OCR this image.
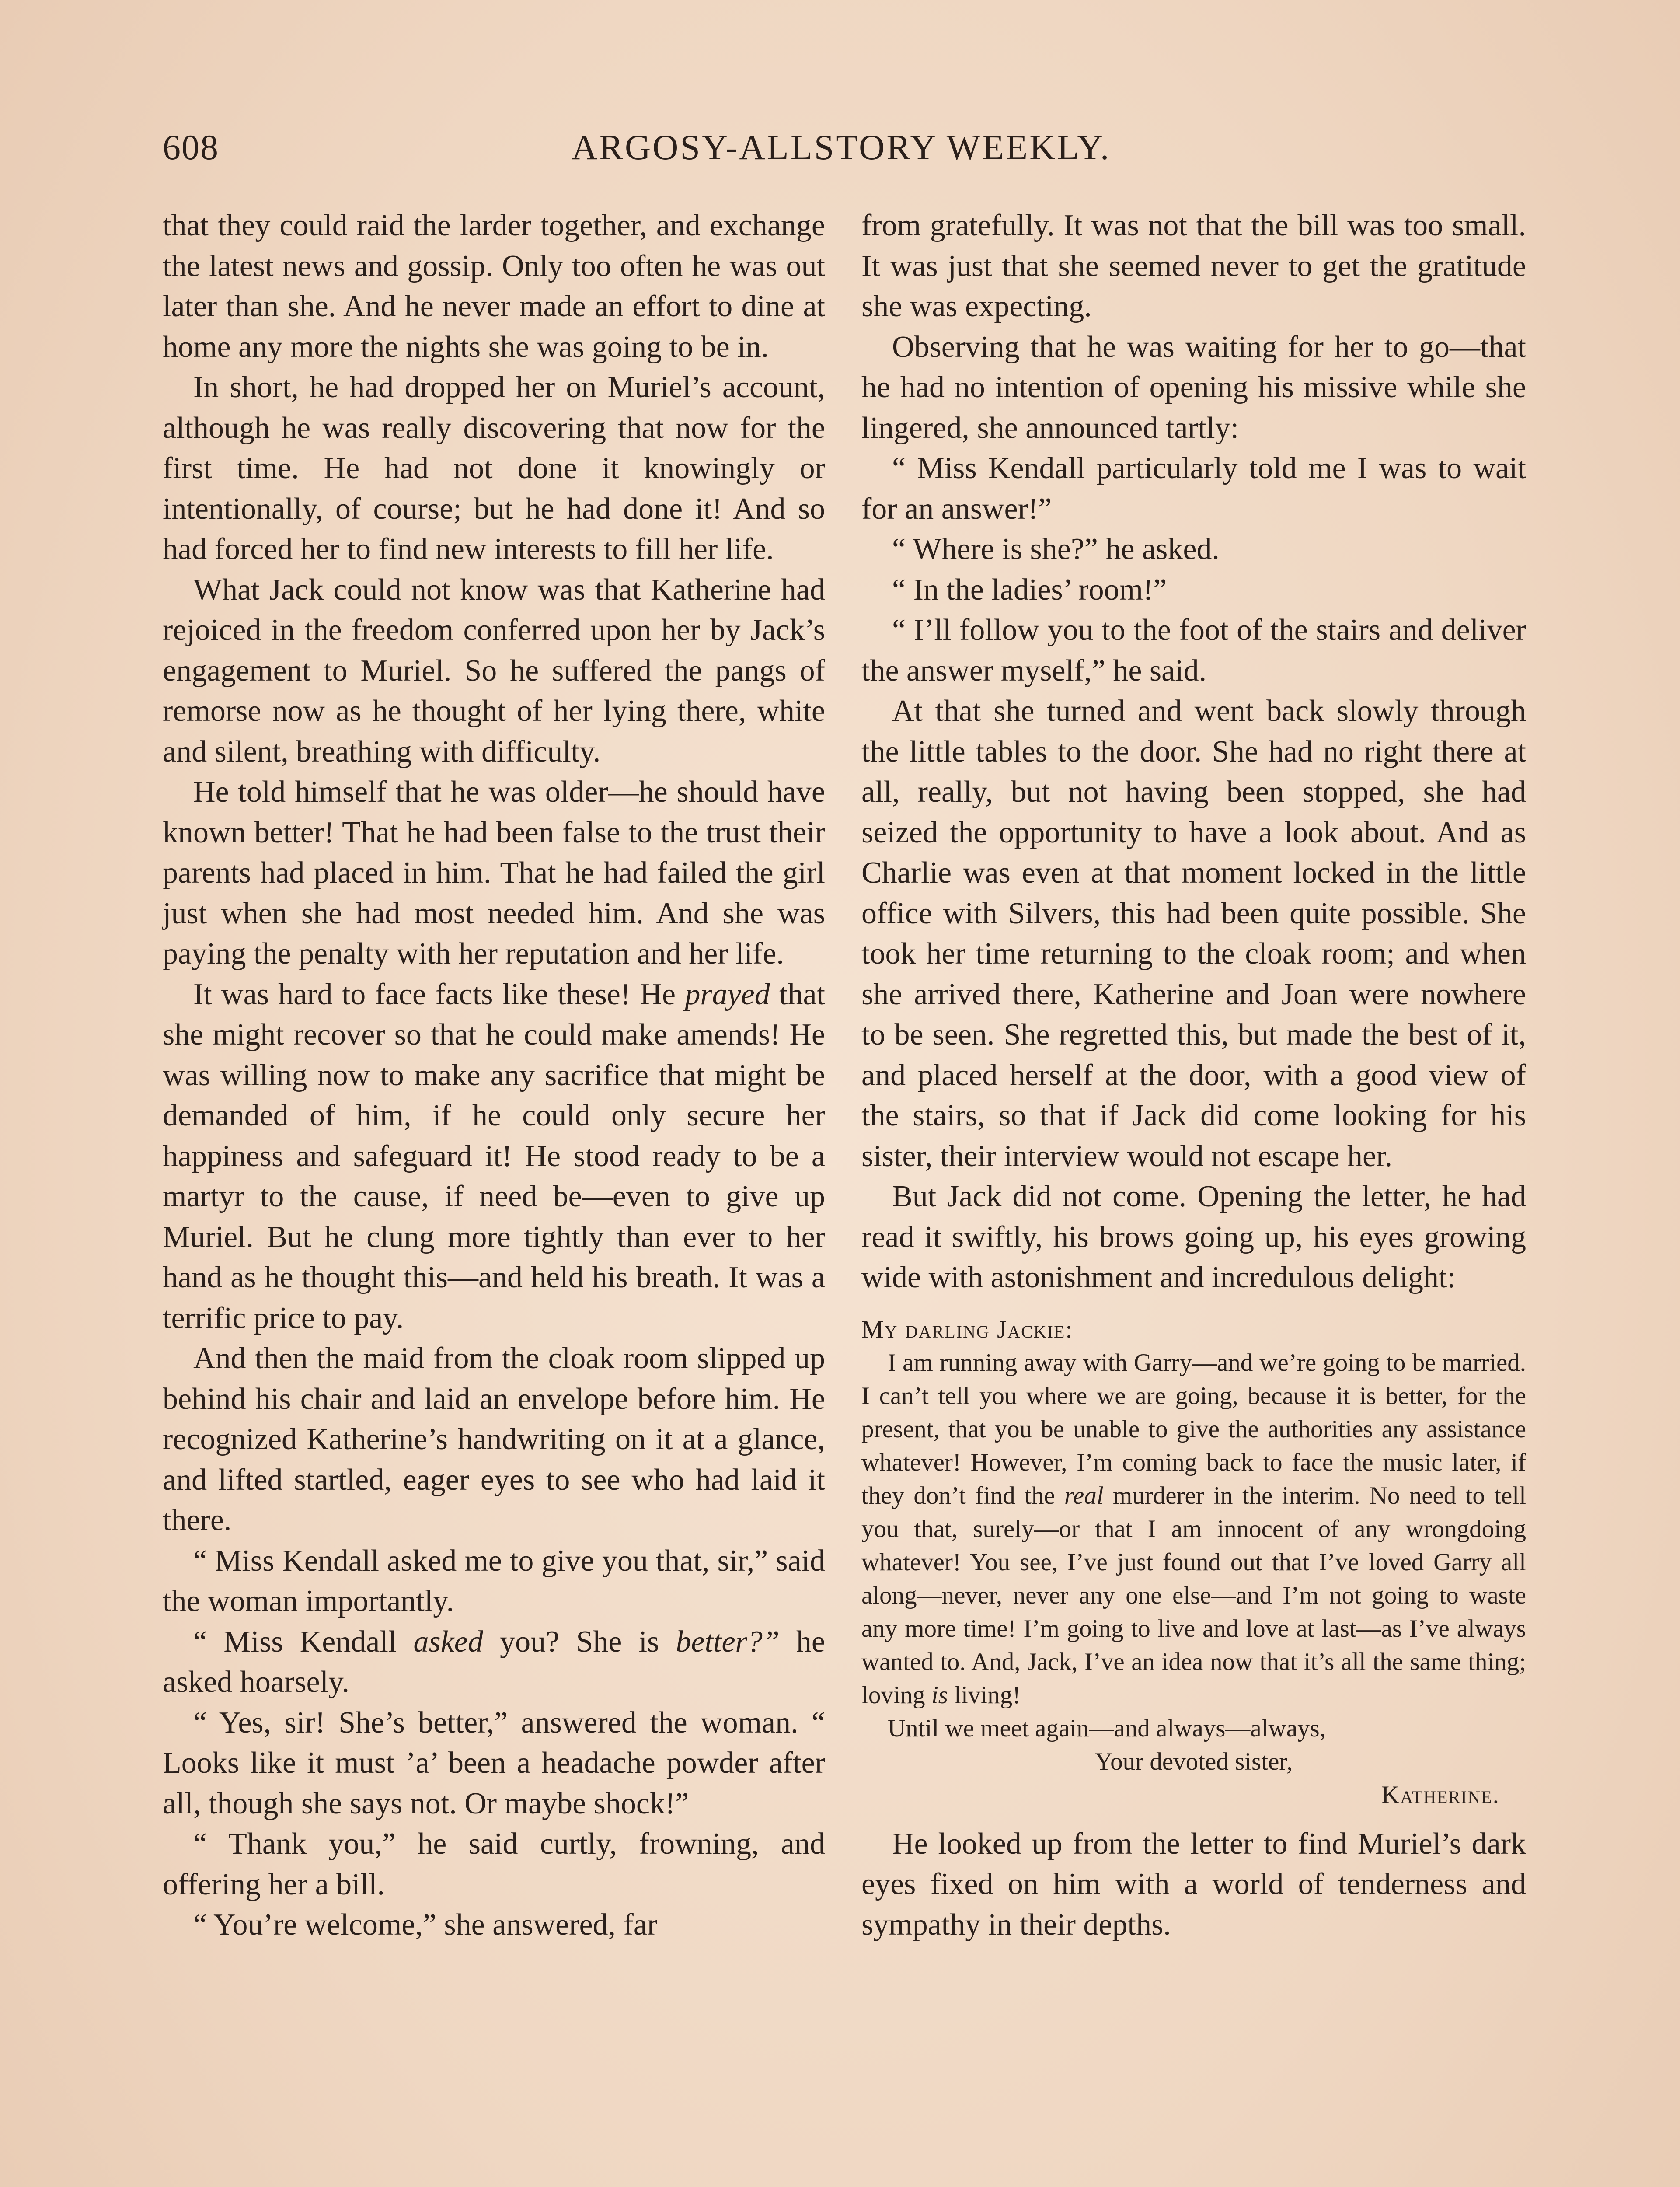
608	ARGOSY-ALLSTORY WEEKLY.

that they could raid the larder together, and exchange the latest news and gossip. Only too often he was out later than she. And he never made an effort to dine at home any more the nights she was going to be in.

In short, he had dropped her on Muriel’s account, although he was really discovering that now for the first time. He had not done it knowingly or intentionally, of course; but he had done it! And so had forced her to find new interests to fill her life.

What Jack could not know was that Katherine had rejoiced in the freedom conferred upon her by Jack’s engagement to Muriel. So he suffered the pangs of remorse now as he thought of her lying there, white and silent, breathing with difficulty.

He told himself that he was older—he should have known better! That he had been false to the trust their parents had placed in him. That he had failed the girl just when she had most needed him. And she was paying the penalty with her reputation and her life.

It was hard to face facts like these! He prayed that she might recover so that he could make amends! He was willing now to make any sacrifice that might be demanded of him, if he could only secure her happiness and safeguard it! He stood ready to be a martyr to the cause, if need be—even to give up Muriel. But he clung more tightly than ever to her hand as he thought this—and held his breath. It was a terrific price to pay.

And then the maid from the cloak room slipped up behind his chair and laid an envelope before him. He recognized Katherine’s handwriting on it at a glance, and lifted startled, eager eyes to see who had laid it there.

“ Miss Kendall asked me to give you that, sir,” said the woman importantly.

“ Miss Kendall asked you? She is better?” he asked hoarsely.

“ Yes, sir! She’s better,” answered the woman. “ Looks like it must ’a’ been a headache powder after all, though she says not. Or maybe shock!”

“ Thank you,” he said curtly, frowning, and offering her a bill.

“ You’re welcome,” she answered, far

from gratefully. It was not that the bill was too small. It was just that she seemed never to get the gratitude she was expecting.

Observing that he was waiting for her to go—that he had no intention of opening his missive while she lingered, she announced tartly:

“ Miss Kendall particularly told me I was to wait for an answer!”

“ Where is she?” he asked.

“ In the ladies’ room!”

“ I’ll follow you to the foot of the stairs and deliver the answer myself,” he said.

At that she turned and went back slowly through the little tables to the door. She had no right there at all, really, but not having been stopped, she had seized the opportunity to have a look about. And as Charlie was even at that moment locked in the little office with Silvers, this had been quite possible. She took her time returning to the cloak room; and when she arrived there, Katherine and Joan were nowhere to be seen. She regretted this, but made the best of it, and placed herself at the door, with a good view of the stairs, so that if Jack did come looking for his sister, their interview would not escape her.

But Jack did not come. Opening the letter, he had read it swiftly, his brows going up, his eyes growing wide with astonishment and incredulous delight:

My darling Jackie:

I am running away with Garry—and we’re going to be married. I can’t tell you where we are going, because it is better, for the present, that you be unable to give the authorities any assistance whatever! However, I’m coming back to face the music later, if they don’t find the real murderer in the interim. No need to tell you that, surely—or that I am innocent of any wrongdoing whatever! You see, I’ve just found out that I’ve loved Garry all along—never, never any one else—and I’m not going to waste any more time! I’m going to live and love at last—as I’ve always wanted to. And, Jack, I’ve an idea now that it’s all the same thing; loving is living!

Until we meet again—and always—always,

Your devoted sister,

Katherine.

He looked up from the letter to find Muriel’s dark eyes fixed on him with a world of tenderness and sympathy in their depths.
